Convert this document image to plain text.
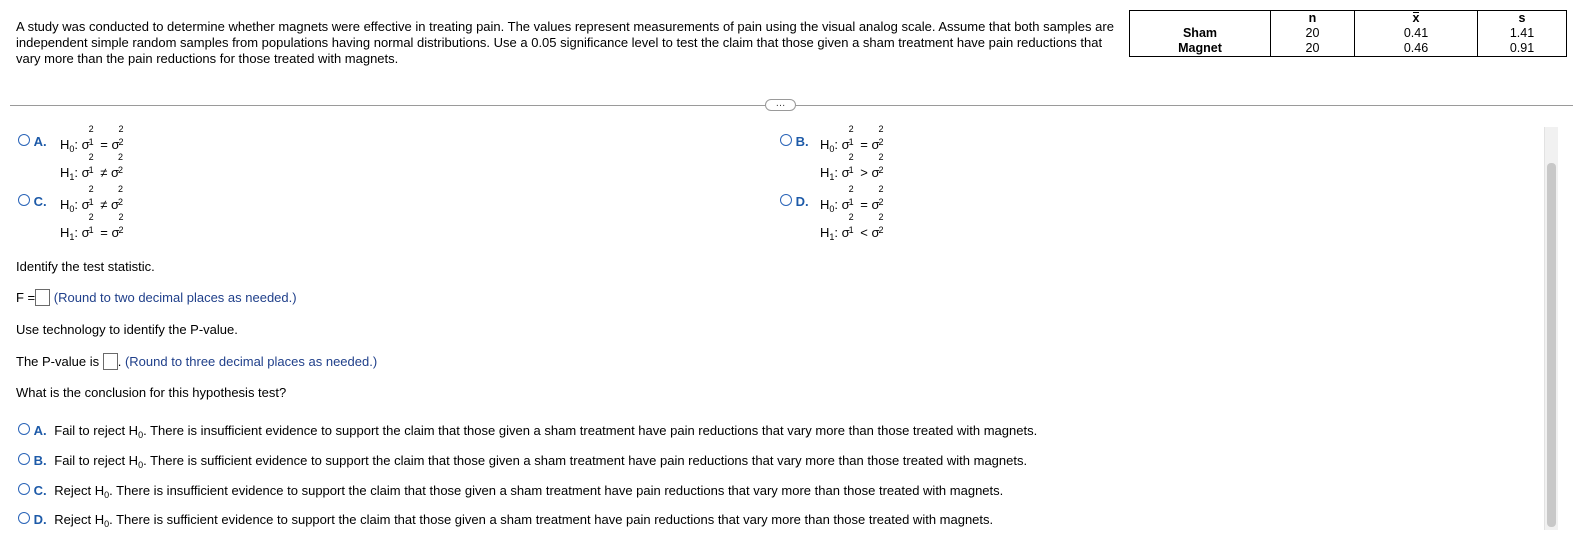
A study was conducted to determine whether magnets were effective in treating pain. The values represent measurements of pain using the visual analog scale. Assume that both samples are independent simple random samples from populations having normal distributions. Use a 0.05 significance level to test the claim that those given a sham treatment have pain reductions that vary more than the pain reductions for those treated with magnets.
	n	x	s
Sham	20	0.41	1.41
Magnet	20	0.46	0.91
…
A. $H_0$: σ
2
1 = σ
2
2
$H_1$: σ
2
1 ≠ σ
2
2
B. $H_0$: σ
2
1 = σ
2
2
$H_1$: σ
2
1 > σ
2
2
C. $H_0$: σ
2
1 ≠ σ
2
2
$H_1$: σ
2
1 = σ
2
2
D. $H_0$: σ
2
1 = σ
2
2
$H_1$: σ
2
1 < σ
2
2
Identify the test statistic.
F = (Round to two decimal places as needed.)
Use technology to identify the P-value.
The P-value is . (Round to three decimal places as needed.)
What is the conclusion for this hypothesis test?
A. Fail to reject $H_0$. There is insufficient evidence to support the claim that those given a sham treatment have pain reductions that vary more than those treated with magnets.
B. Fail to reject $H_0$. There is sufficient evidence to support the claim that those given a sham treatment have pain reductions that vary more than those treated with magnets.
C. Reject $H_0$. There is insufficient evidence to support the claim that those given a sham treatment have pain reductions that vary more than those treated with magnets.
D. Reject $H_0$. There is sufficient evidence to support the claim that those given a sham treatment have pain reductions that vary more than those treated with magnets.
